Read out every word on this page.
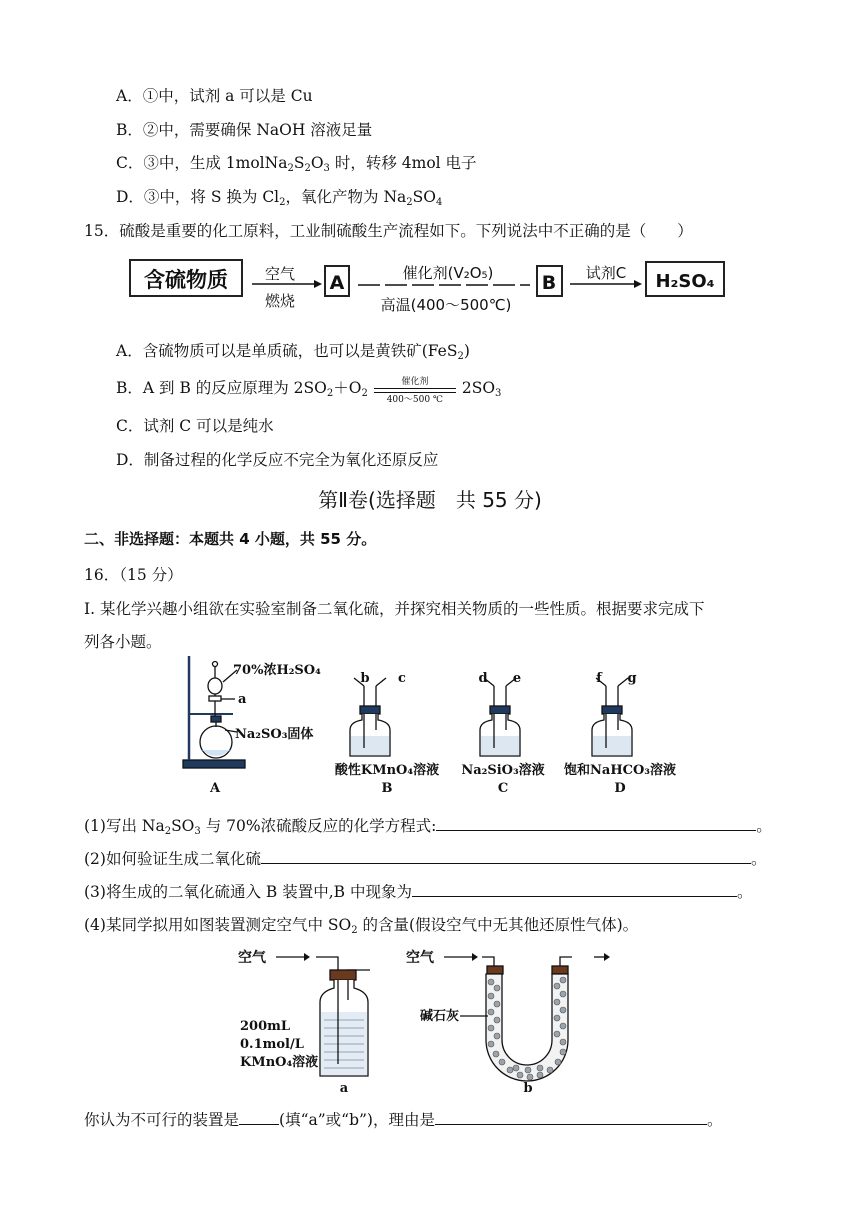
A．①中，试剂 a 可以是 Cu
B．②中，需要确保 NaOH 溶液足量
C．③中，生成 $1molNa_2S_2O_3$ 时，转移 4mol 电子
D．③中，将 S 换为 $Cl_2$，氧化产物为 $Na_2SO_4$
15．硫酸是重要的化工原料，工业制硫酸生产流程如下。下列说法中不正确的是（　　）
含硫物质 空气
燃烧
A	催化剂(V₂O₅)
高温(400～500℃)
B 试剂C H₂SO₄
A．含硫物质可以是单质硫，也可以是黄铁矿(FeS$_2$)
B．A 到 B 的反应原理为 $2SO_2+O_2$
催化剂
400～500 ℃
$2SO_3$
C．试剂 C 可以是纯水
D．制备过程的化学反应不完全为氧化还原反应
第Ⅱ卷(选择题　共 55 分)
二、非选择题：本题共 4 小题，共 55 分。
16．（15 分）
I. 某化学兴趣小组欲在实验室制备二氧化硫，并探究相关物质的一些性质。根据要求完成下
列各小题。
70%浓H₂SO₄
a
Na₂SO₃固体
A
b c	d e	f g
酸性KMnO₄溶液 Na₂SiO₃溶液 饱和NaHCO₃溶液
B	C	D
(1)写出 $Na_2SO_3$ 与 70%浓硫酸反应的化学方程式:	。
(2)如何验证生成二氧化硫	。
(3)将生成的二氧化硫通入 B 装置中,B 中现象为	。
(4)某同学拟用如图装置测定空气中 $SO_2$ 的含量(假设空气中无其他还原性气体)。
空气
200mL
0.1mol/L
KMnO₄溶液
a
空气
碱石灰
b
你认为不可行的装置是	(填“a”或“b”)，理由是	。
